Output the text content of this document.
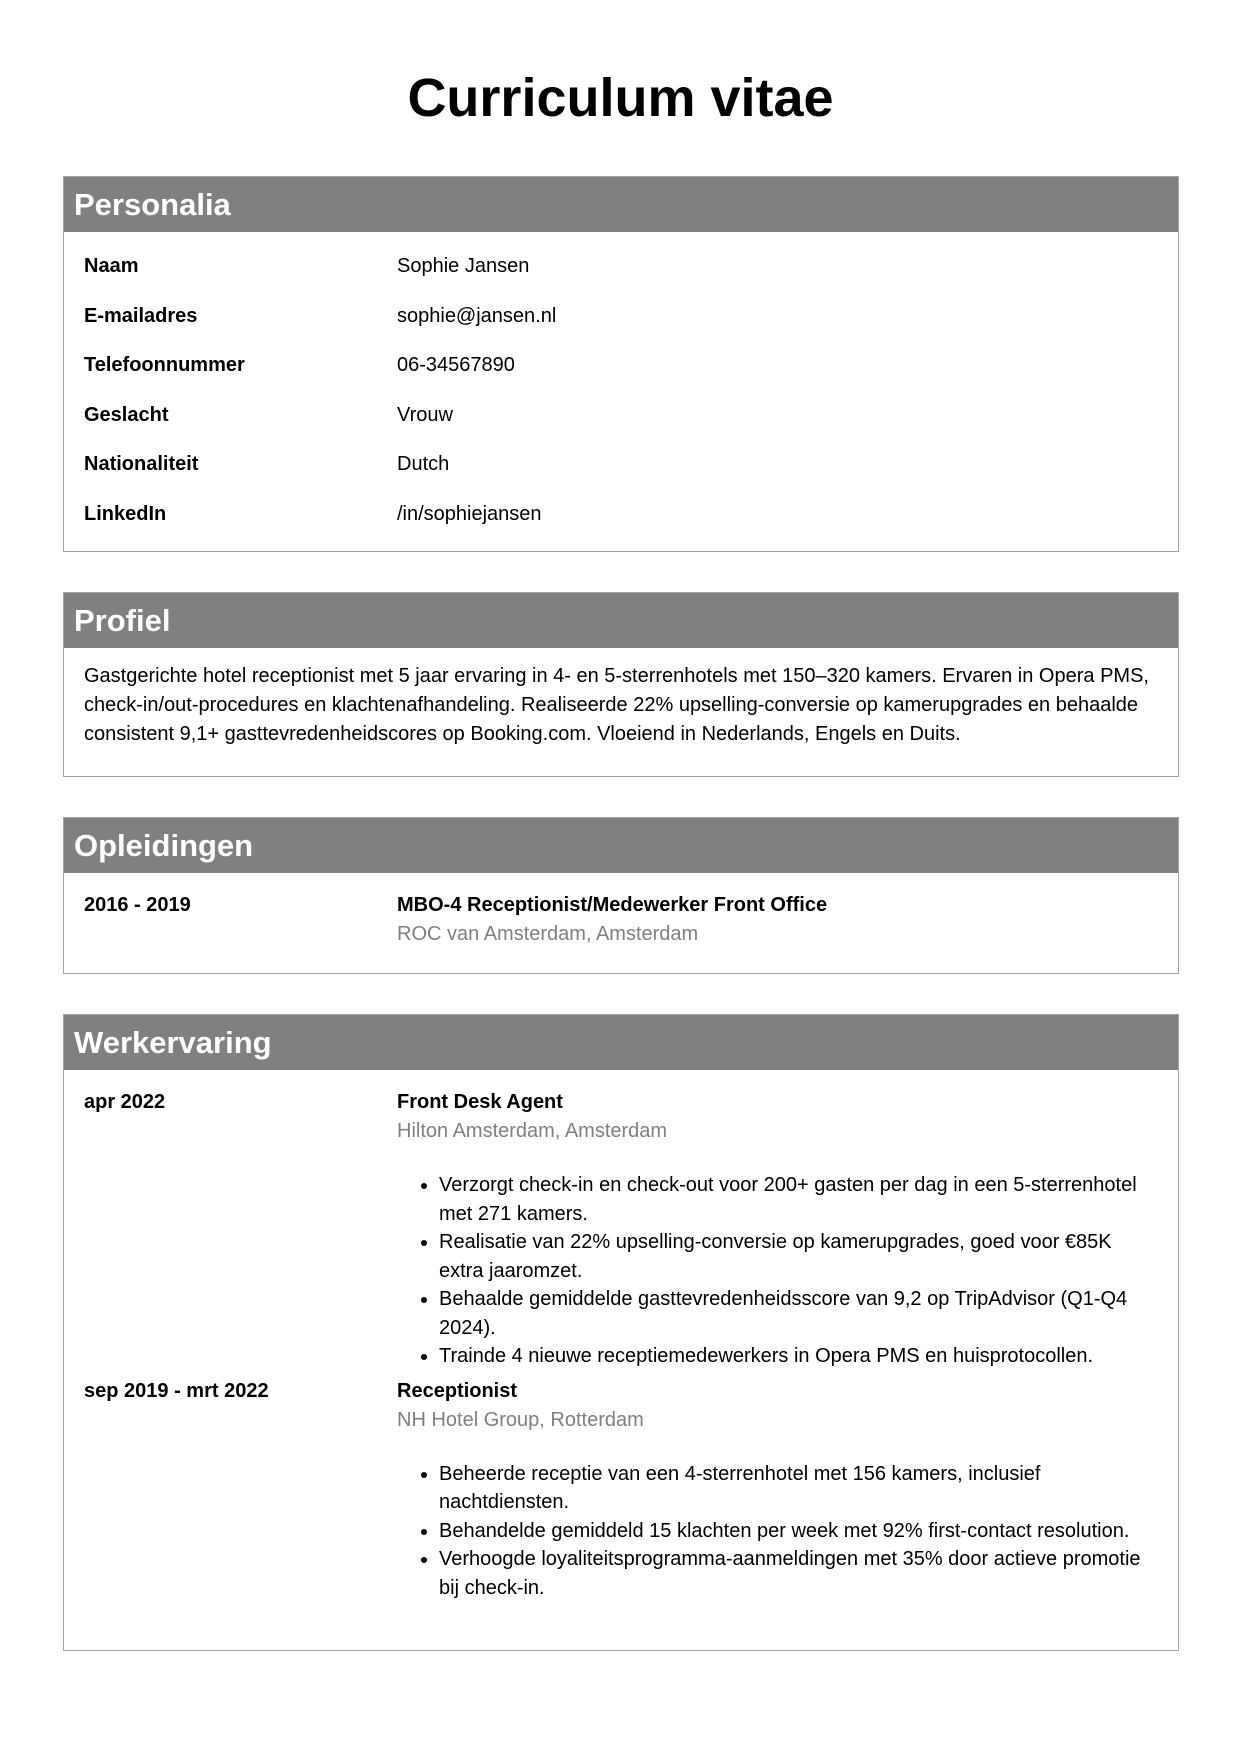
Curriculum vitae
Personalia
Naam	Sophie Jansen
E-mailadres	sophie@jansen.nl
Telefoonnummer	06-34567890
Geslacht	Vrouw
Nationaliteit	Dutch
LinkedIn	/in/sophiejansen
Profiel
Gastgerichte hotel receptionist met 5 jaar ervaring in 4- en 5-sterrenhotels met 150–320 kamers. Ervaren in Opera PMS, check-in/out-procedures en klachtenafhandeling. Realiseerde 22% upselling-conversie op kamerupgrades en behaalde consistent 9,1+ gasttevredenheidscores op Booking.com. Vloeiend in Nederlands, Engels en Duits.
Opleidingen
2016 - 2019	MBO-4 Receptionist/Medewerker Front Office
ROC van Amsterdam, Amsterdam
Werkervaring
apr 2022	Front Desk Agent
Hilton Amsterdam, Amsterdam
• Verzorgt check-in en check-out voor 200+ gasten per dag in een 5-sterrenhotel met 271 kamers.
• Realisatie van 22% upselling-conversie op kamerupgrades, goed voor €85K extra jaaromzet.
• Behaalde gemiddelde gasttevredenheidsscore van 9,2 op TripAdvisor (Q1-Q4 2024).
• Trainde 4 nieuwe receptiemedewerkers in Opera PMS en huisprotocollen.
sep 2019 - mrt 2022	Receptionist
NH Hotel Group, Rotterdam
• Beheerde receptie van een 4-sterrenhotel met 156 kamers, inclusief nachtdiensten.
• Behandelde gemiddeld 15 klachten per week met 92% first-contact resolution.
• Verhoogde loyaliteitsprogramma-aanmeldingen met 35% door actieve promotie bij check-in.
